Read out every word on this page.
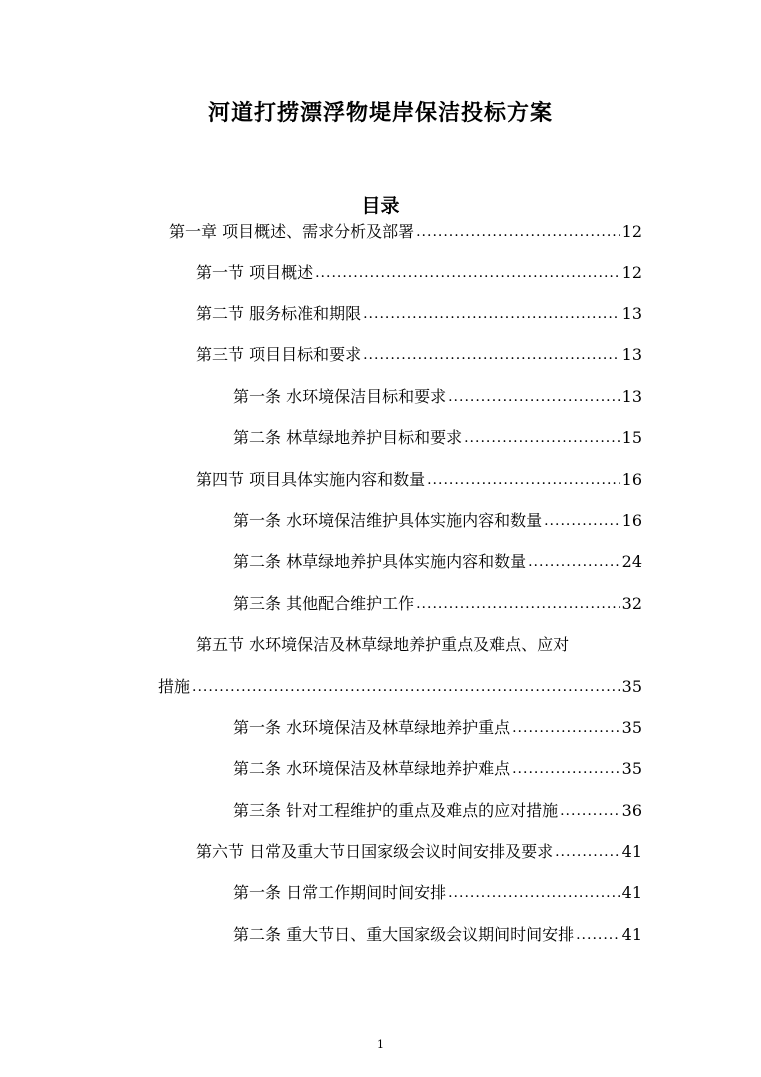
河道打捞漂浮物堤岸保洁投标方案
目录
第一章 项目概述、需求分析及部署 .....	12
第一节 项目概述 .....	12
第二节 服务标准和期限 .....	13
第三节 项目目标和要求 .....	13
第一条 水环境保洁目标和要求 .....	13
第二条 林草绿地养护目标和要求 .....	15
第四节 项目具体实施内容和数量 .....	16
第一条 水环境保洁维护具体实施内容和数量 .....	16
第二条 林草绿地养护具体实施内容和数量 .....	24
第三条 其他配合维护工作 .....	32
第五节 水环境保洁及林草绿地养护重点及难点、应对
措施 .....	35
第一条 水环境保洁及林草绿地养护重点 .....	35
第二条 水环境保洁及林草绿地养护难点 .....	35
第三条 针对工程维护的重点及难点的应对措施 .....	36
第六节 日常及重大节日国家级会议时间安排及要求 .....	41
第一条 日常工作期间时间安排 .....	41
第二条 重大节日、重大国家级会议期间时间安排 .....	41
1
